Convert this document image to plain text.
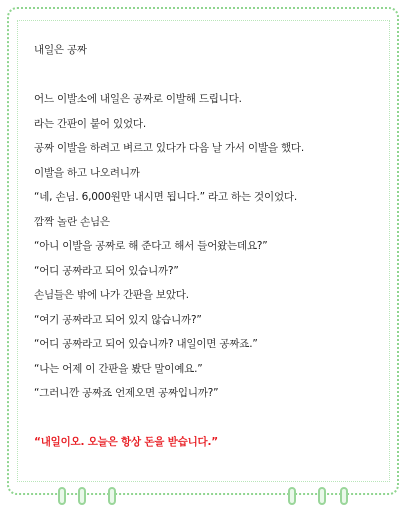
내일은 공짜
어느 이발소에 내일은 공짜로 이발해 드립니다.
라는 간판이 붙어 있었다.
공짜 이발을 하려고 벼르고 있다가 다음 날 가서 이발을 했다.
이발을 하고 나오려니까
“네, 손님. 6,000원만 내시면 됩니다.” 라고 하는 것이었다.
깜짝 놀란 손님은
“아니 이발을 공짜로 해 준다고 해서 들어왔는데요?”
“어디 공짜라고 되어 있습니까?”
손님들은 밖에 나가 간판을 보았다.
“여기 공짜라고 되어 있지 않습니까?”
“어디 공짜라고 되어 있습니까? 내일이면 공짜죠.”
“나는 어제 이 간판을 봤단 말이예요.”
“그러니깐 공짜죠 언제오면 공짜입니까?”
“내일이오. 오늘은 항상 돈을 받습니다.”
